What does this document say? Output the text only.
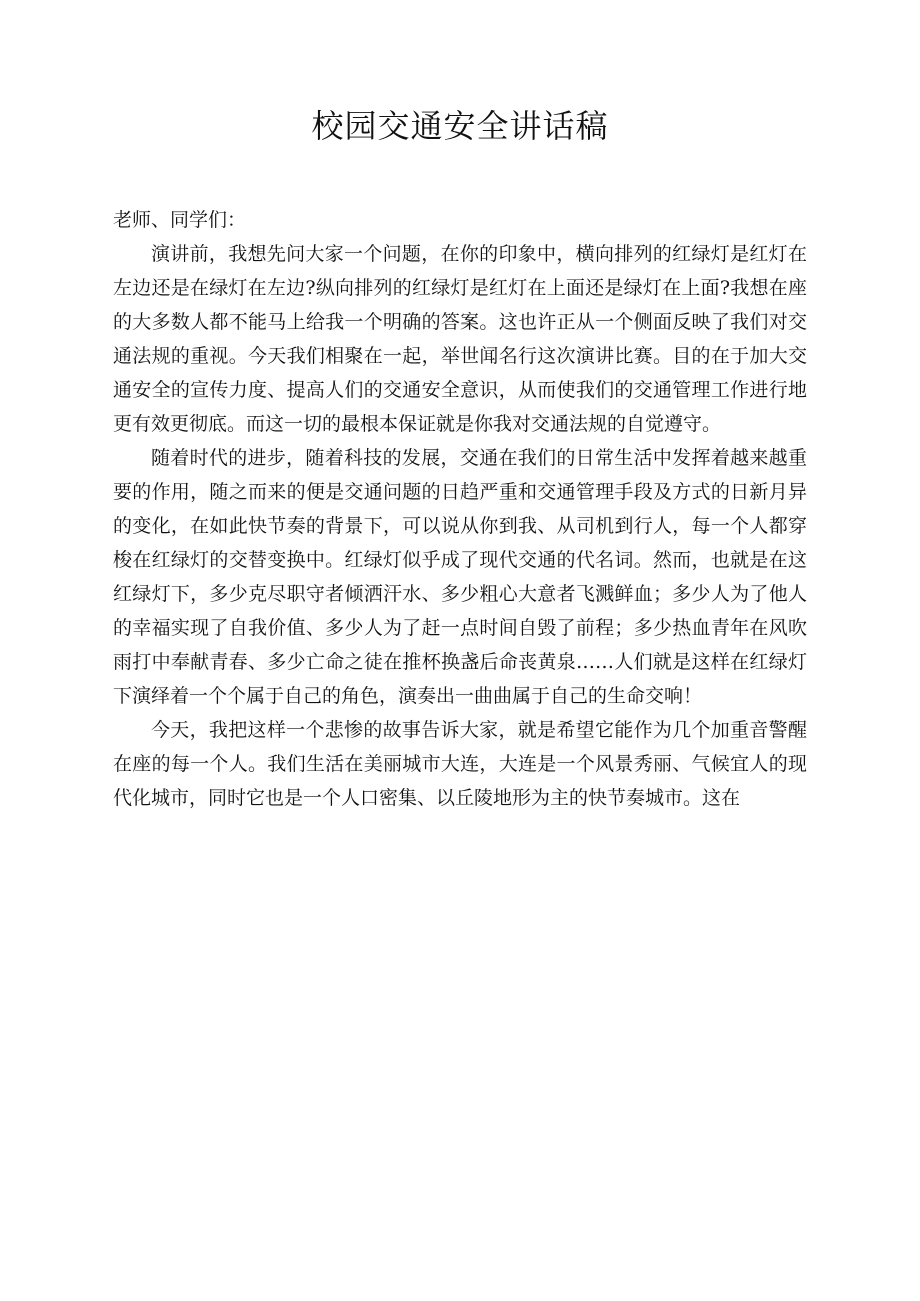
校园交通安全讲话稿

老师、同学们：

演讲前，我想先问大家一个问题，在你的印象中，横向排列的红绿灯是红灯在左边还是在绿灯在左边?纵向排列的红绿灯是红灯在上面还是绿灯在上面?我想在座的大多数人都不能马上给我一个明确的答案。这也许正从一个侧面反映了我们对交通法规的重视。今天我们相聚在一起，举世闻名行这次演讲比赛。目的在于加大交通安全的宣传力度、提高人们的交通安全意识，从而使我们的交通管理工作进行地更有效更彻底。而这一切的最根本保证就是你我对交通法规的自觉遵守。

随着时代的进步，随着科技的发展，交通在我们的日常生活中发挥着越来越重要的作用，随之而来的便是交通问题的日趋严重和交通管理手段及方式的日新月异的变化，在如此快节奏的背景下，可以说从你到我、从司机到行人，每一个人都穿梭在红绿灯的交替变换中。红绿灯似乎成了现代交通的代名词。然而，也就是在这红绿灯下，多少克尽职守者倾洒汗水、多少粗心大意者飞溅鲜血；多少人为了他人的幸福实现了自我价值、多少人为了赶一点时间自毁了前程；多少热血青年在风吹雨打中奉献青春、多少亡命之徒在推杯换盏后命丧黄泉……人们就是这样在红绿灯下演绎着一个个属于自己的角色，演奏出一曲曲属于自己的生命交响！

今天，我把这样一个悲惨的故事告诉大家，就是希望它能作为几个加重音警醒在座的每一个人。我们生活在美丽城市大连，大连是一个风景秀丽、气候宜人的现代化城市，同时它也是一个人口密集、以丘陵地形为主的快节奏城市。这在
